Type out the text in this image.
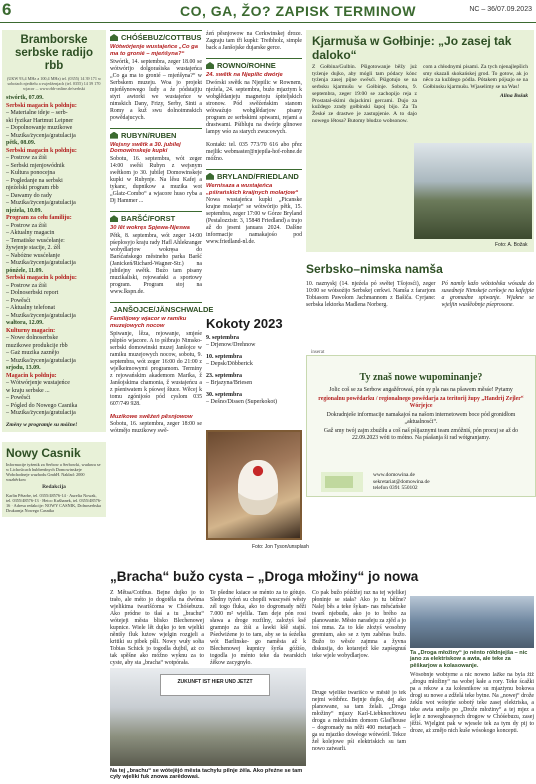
6	CO, GA, ŽO? ZAPISK TERMINOW	NC – 36/07.09.2023
Bramborske serbske radijo rbb
(UKW 93,4 MHz a 100,4 MHz) tel. (0355) 14 39 171 w sobotach njedźelu a swjedźenjach (tel. 0355) 14 39 170 wjacor ... www.rbb-online.de/serbski
stwórtk, 07.09.
Serbski magacin k połdnju:
– Materialne ideje – serb-
ski fyzikar Hartmut Leipner
– Dopolnowanje muzikowe
– Muzika/życenja/gratulacija
pětk, 08.09.
Serbski magacin k połdnju:
– Postrow za źiśi
– Serbski mjenjowódnik
– Kultura ponocejna
– Pogledanje na serbski
njeźelski program rbb
– Dawamy do rady
– Muzika/życenja/gratulacija
njeźela, 10.09.
Program za cełu familiju:
– Postrow za źiśi
– Aktualny magacin
– Tematiske wusćełanje:
žywjenje stacije, 2. źěl
– Nabóżne wusćełanje
– Muzika/życenja/gratulacija
pónźele, 11.09.
Serbski magacin k połdnju:
– Postrow za źiśi
– Dolnoserbski report
– Powěsći
– Aktualny telefonat
– Muzika/życenja/gratulacija
wałtora, 12.09.
Kulturny magacin:
– Nowe dolnoserbske
muzikowe produkcije rbb
– Gaż muzika zaznějo
– Muzika/życenja/gratulacija
srjodu, 13.09.
Magacin k połdnju:
– Wótwórjenje wustajeńce
w kraju serbske ...
– Powěsći
– Pógled do Nowego Casnika
– Muzika/życenja/gratulacija
Změny w programje su móžne!
Nowy Casnik
Informacije tyźenik za Serbow a Serbowki, wudawa se w Lichośicach hubbenšnych Domowinskeje Wobchodneje wuzhodu GmbH. Nakład: 2000 wuzběrkow
Redakcija
Karlin Pětarbe, tel. 0355/48576-14 · Aurelia Nowak, tel. 0355/48576-13 · Heico Kušhanek, tel. 0355/48576-16 · Adresa redakcije: NOWY CASNIK, Dolnoserbska Drukarnja Nowego Casnika
CHÓŚEBUZ/COTTBUS
Wótwórjenje wustajeńce „Co ga ma to gronié – mjeńšyna?“
Stwórtk, 14. septembra, zeger 18.00 se wótwórijo dolgoraśiska wustajeńca „Co ga ma to gronié – mjeńšyna?“ w Serbskem muzeju. Woa jo projekt mjeńšynowego ludy a źe pódstajiju styri awtorki we wustajeńce w nimskich Dany, Frizy, Serby, Sinti a Romy a kuž swu dolnoimnskich powědajucych.
RUBYN/RUBEN
Wejsny swětk a 30. jubilej Domowinskeje kupki
Sobotu, 16. septembra, wót zeger 14:00 swěśi Rubyn z wejsnym swětkom jo 30. jubilej Domowinskeje kupki w Rubynje. Na lěsu Kafej a tykanc, dupnikow a muzika wot „Glatz-Combo“ a wjacore huso ryba a Dj Hammer ...
BARŠĆ/FORST
30 lět wokręs Spjewa-Njeswa
Pětk, 8. septembra, wót zeger 14:00 pśeplosyjo kraju rady Hafl Ahlekranger wobydlarjow wokręsa do Barśćańskego městneho parka Baršć (Janickeń/Richard-Wagner-Str.) na jubilejny swětk. Buźo tam pisany muzikaliski, rejowański a sportowy program. Program stoj na www.lkspn.de.
JANŠOJCE/JÄNSCHWALDE
Familijowy wjacor w ramiku muzejowych nocow
Spiwanje, lěza, rejowanje, smjeśe pśipiśo wjacore. A to pśibrajo Nimsko-serbski domowinski muzej Janšojce w ramiku muzejowych nocow, sobotu, 9. septembra, wót zeger 16:00 do 21:00 z wjelkeimowymi programom. Terminy z rejowańskim akademom Marika, ž Janšojskima chamonia, ž wustajeńcu a z pśeniwatem k pśowej štuce. Wěcej k tomu zgónijośo pód cyslom 035 607/749 928.
Muzikowe swěźeń pěsnjowow
Sobotu, 16. septembra, zeger 18:00 se wótmějo muzikowy swě-
źeń pěsnjowow na Cerkwinskej droze. Zagraju tam tři kupki: Treibholz, simple back a Janšojske dujarske gerce.
ROWNO/ROHNE
24. swětk na Njepilic dwórje
Dwórski swětk na Njepilic w Rownem, njeźela, 24. septembra, buźo mjaztym k wobglědanjeju magnetoju śpiteljskich stronow. Pód swěźeńskim stanom wótwaźujo wobglědarjow pisany program ze serbskimi spiwami, rejami a drastwami. Pśibluju na dwórje glinowe lampy wśo za starych zwucowych.
Kontakt: tel. 035 773/70 616 abo přez mejlik: webmaster@njepila-hof-rohne.de móžno.
BRYLAND/FRIEDLAND
Wernisaza a wustajeńca „pśirańskich kraijnych molarjow“
Nowa wustajeńca kupki „Picanske krajne molarje“ se wótwórijo pětk, 15. septembra, zeger 17:00 w Górze Bryland (Pestalozzistr. 3, 15848 Friedland) a trajo až do jeseni januara 2024. Dalšne informacije namakajośo pod www.friedland-nl.de.
Kokoty 2023
9. septembra
– Drjenow/Drehnow
10. septembra
– Depsk/Döbberick
23. septembra
– Brjazyna/Briesen
30. septembra
– Dešno/Dissen (Superkokot)
Foto: Jon Tyson/unsplash
Kjarmuša w Gołbinje: „Jo zasej tak daloko“
Z Gołbina/Gulbin. Pšigotowanje běžy już tyźenje dujko, aby mógli tam pódacy kónc tyźenja zasej pijne swěsći. Pśigotujo se na serbsku kjarmušu w Gołbinje. Sobotu, 9. septembra, zeger 19:00 se zachopijo reja z Prostatal-skimi dujackimi gercami. Dujo za kuždego zrady gołbinski šapoj bijo. Za Ta Žeské ze drastwe je zastupjenie. A to dajo nowego lětosa? Butomy błudzo wobsonow.
com a chłodnymi pisami. Za tych njenajlepšich smy skazali skokańskej grod. To gotow, ak jo něco za kuždego pódla. Pótakem pójsajo se na Gołbinsku kjarmušu. Wjaselimy se na Was!
Alina Božak
Foto: A. Božak
Serbsko–nimska namša
10. naznyskj (14. njeźela pó swětej Tšojosći), zeger 10:00 se wótsoźijo Serbskej cerkwi. Namša z fararjom Tobiasom Pawolom Jachmannom z Bašiča. Cyrjane: serbska lektorka Madlena Norberg.
Pó namšy kažo wótstołska wósada do susedneje Nimskeje cerkwje na kafejpie a gromadne spiwanje. Wjakne se wjeljin wusłěobnje pśeprosone.
inserat
Ty znaš nowe wupominanje?

Jolic coš se za Serbow angažěrowaś, pón sy pla nas na pšawem měsśe! Pytamy

regionalnu powědarku / regionalnego powědarja za teritorij župy „Handrij Zejler“ Wórjejce

Dokradnješe informacije namakajoś na našom internetowem boce pód gronidłom „aktualnosći“.

Gaž smy twój zajm zbuźiłu a coš naš pśijaznymi team zmóžniś, pón procuj se až do 22.09.2023 wóti to mótno. Na pśašanja ši rad wótgranjamy.

www.domowina.de
sekretariat@domowina.de
telefon 0391 550102
„Bracha“ bužo cysta – „Droga młožiny“ jo nowa
Z Mětsa/Cottbus. Bejne dujko jo to trało, ale méto jo dogotěla na dwóma wjelikima twarišćoma w Chóśebuzu. Ako pródne to tłaś a tu „brachu“ wótejeji města blisko Blechenowej kupnice. Wiele lět dujko jo ten wjeliki něntšy fluk lużow wjelgin rozgjeli a kritiki su pibek pšli. Nowy wuły sołta Tobias Schick jo togodla dujbil, aż co tak spěšne ako móžno wyknu za to cyste, aby sta „bracha“ wotpórała.
Te pšedne ksiace se ménto za to gótujo. Sledny tyźeń su chopili wuscyséś wěsty zél togo fluka, ako to dogromady něži 7.000 m² wjelila. Tam deje pón rosi sława a droge rozfilny, zalożyś ksě gramnjo za źiśi a ławki kšě stajiś. Pśedwiźene jo to tam, aby se ta śeźelka wót Barlinske- go naměsta až k Blechenowej kupnicy šyrša góźiśo, togodla jo ménto teke da twarskich źěkow zacygnyło.
Co pak bužo późdźej raz na tej wjelikej płoninje se stała? Ako jo tu běžne? Nalej běs a teke šykan- nas měsćańske twarš njebudu, ako jo to brého za planowanie. Město naradeju za zjěd a jo toś mma. Za to kše złożyś wosobny gremium, ako se z tym zaběras bužo. Bužo to wěsće zajmna a žyvna diskusija, do kotarejež kše zapśegnuś teke wjele wobydlarjow.	Ta „Droga młožiny“ jo něnto rółdnjejša – nic jano za elektriskow a awta, ale teke za pěškarjow a kolasowanje.
Druge wjelike twarišćo w městě jo tek nejmi wótbřez. Bejnje dujko, dej ako planowane, sa tam želali. „Droga młožiny“ mjazy Karl-Liebknechtowu drogu a młożiskim domom Glaďhouse – dogromady na něži 400 metarjach – ga su mjaztko dowéoge wótwórił. Tekce žeł kolejowe pśi elektriskich su tam nowo zatwarli.
Wósobnje wobtyrne a nic nowno lažke na byla žiž „drogu młožiny“ na wobej kałe a rory. Teke ścažki pa a rekow a za kolesnikow su mjaztynu bokowa drogi su nowe a zdželá teke bytne. Na „nowej“ drože źeklu wot wótejńe sobotý teke zasej elektriska, a teke awta smějo po „Drože młożiny“ a tej mjez a šejle z noweghoasynch drogow w Chóśebuzu, zasej jěžiś. Wjelgint pak w wjesele tek za tym dy pij to droze, aż změjo nich kuše wósokogo koncepti.
ZUKUNFT IST HIER UND JETZT
Na tej „brachu“ se wótejějó města tachylu pilnje źěla. Ako přeźne se tam cyły wjeliki fuk znowa zarědowaś.
